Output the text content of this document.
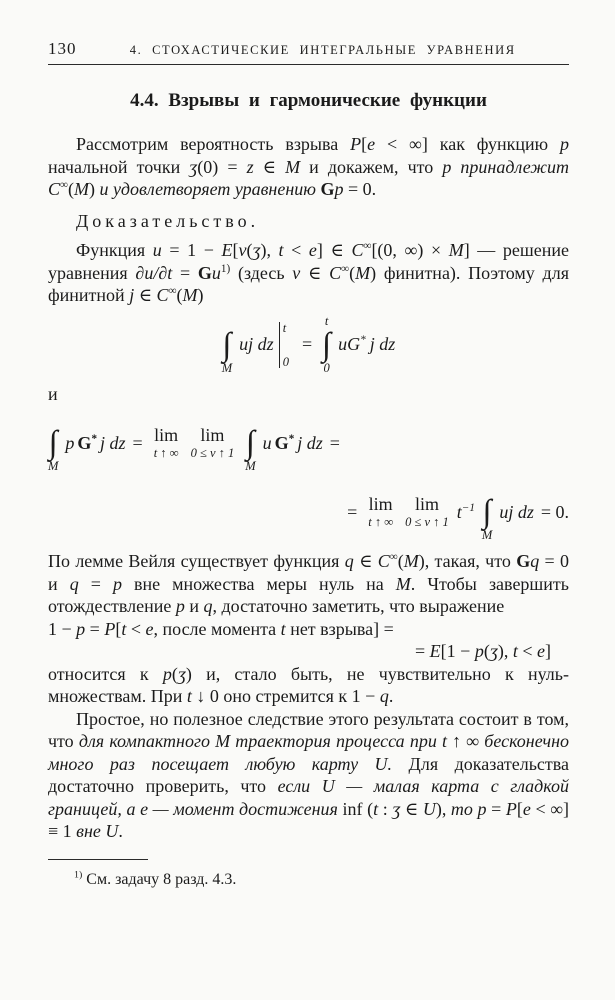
130	4. СТОХАСТИЧЕСКИЕ ИНТЕГРАЛЬНЫЕ УРАВНЕНИЯ
4.4. Взрывы и гармонические функции
Рассмотрим вероятность взрыва P[e < ∞] как функцию p начальной точки ʒ(0) = z ∈ M и докажем, что p принадлежит C∞(M) и удовлетворяет уравнению Gp = 0.
Доказательство.
Функция u = 1 − E[v(ʒ), t < e] ∈ C∞[(0, ∞) × M] — решение уравнения $\partial u/\partial t = Gu^{1)}$ (здесь v ∈ C∞(M) финитна). Поэтому для финитной j ∈ C∞(M)
∫
M
uj dz
t
0
=
t
∫
0
uG* j dz
и
∫
M
p G* j dz = lim
t ↑ ∞
lim
0 ≤ v ↑ 1 ∫
M
u G* j dz =
= lim
t ↑ ∞
lim
0 ≤ v ↑ 1
$t^{-1}$ ∫
M
uj dz = 0.
По лемме Вейля существует функция q ∈ C∞(M), такая, что Gq = 0 и q = p вне множества меры нуль на M. Чтобы завершить отождествление p и q, достаточно заметить, что выражение
1 − p = P[t < e, после момента t нет взрыва] =
= E[1 − p(ʒ), t < e]
относится к p(ʒ) и, стало быть, не чувствительно к нуль-множествам. При t ↓ 0 оно стремится к 1 − q.
Простое, но полезное следствие этого результата состоит в том, что для компактного M траектория процесса при t ↑ ∞ бесконечно много раз посещает любую карту U. Для доказательства достаточно проверить, что если U — малая карта с гладкой границей, а e — момент достижения inf (t : ʒ ∈ U), то p = P[e < ∞] ≡ 1 вне U.
$^{1)}$ См. задачу 8 разд. 4.3.
